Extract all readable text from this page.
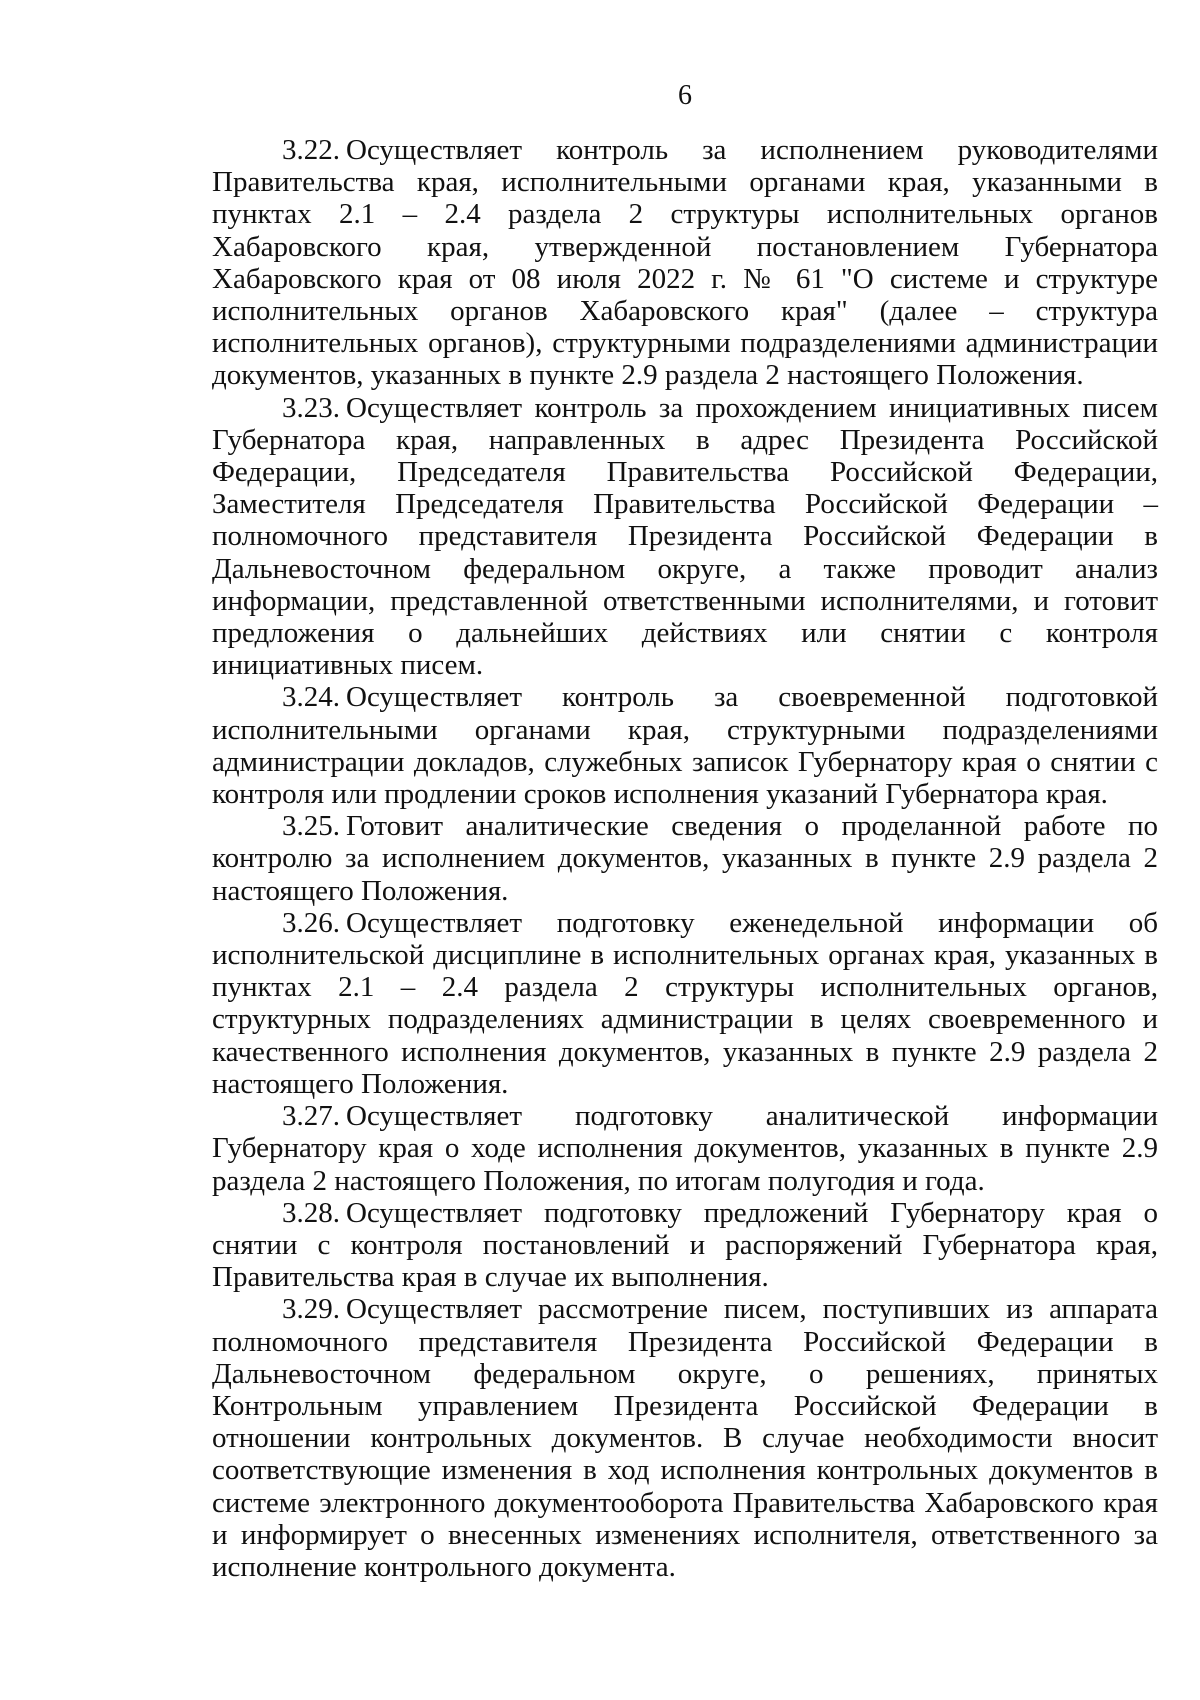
6

3.22. Осуществляет контроль за исполнением руководителями Правительства края, исполнительными органами края, указанными в пунктах 2.1 – 2.4 раздела 2 структуры исполнительных органов Хабаровского края, утвержденной постановлением Губернатора Хабаровского края от 08 июля 2022 г. № 61 "О системе и структуре исполнительных органов Хабаровского края" (далее – структура исполнительных органов), структурными подразделениями администрации документов, указанных в пункте 2.9 раздела 2 настоящего Положения.

3.23. Осуществляет контроль за прохождением инициативных писем Губернатора края, направленных в адрес Президента Российской Федерации, Председателя Правительства Российской Федерации, Заместителя Председателя Правительства Российской Федерации – полномочного представителя Президента Российской Федерации в Дальневосточном федеральном округе, а также проводит анализ информации, представленной ответственными исполнителями, и готовит предложения о дальнейших действиях или снятии с контроля инициативных писем.

3.24. Осуществляет контроль за своевременной подготовкой исполнительными органами края, структурными подразделениями администрации докладов, служебных записок Губернатору края о снятии с контроля или продлении сроков исполнения указаний Губернатора края.

3.25. Готовит аналитические сведения о проделанной работе по контролю за исполнением документов, указанных в пункте 2.9 раздела 2 настоящего Положения.

3.26. Осуществляет подготовку еженедельной информации об исполнительской дисциплине в исполнительных органах края, указанных в пунктах 2.1 – 2.4 раздела 2 структуры исполнительных органов, структурных подразделениях администрации в целях своевременного и качественного исполнения документов, указанных в пункте 2.9 раздела 2 настоящего Положения.

3.27. Осуществляет подготовку аналитической информации Губернатору края о ходе исполнения документов, указанных в пункте 2.9 раздела 2 настоящего Положения, по итогам полугодия и года.

3.28. Осуществляет подготовку предложений Губернатору края о снятии с контроля постановлений и распоряжений Губернатора края, Правительства края в случае их выполнения.

3.29. Осуществляет рассмотрение писем, поступивших из аппарата полномочного представителя Президента Российской Федерации в Дальневосточном федеральном округе, о решениях, принятых Контрольным управлением Президента Российской Федерации в отношении контрольных документов. В случае необходимости вносит соответствующие изменения в ход исполнения контрольных документов в системе электронного документооборота Правительства Хабаровского края и информирует о внесенных изменениях исполнителя, ответственного за исполнение контрольного документа.
